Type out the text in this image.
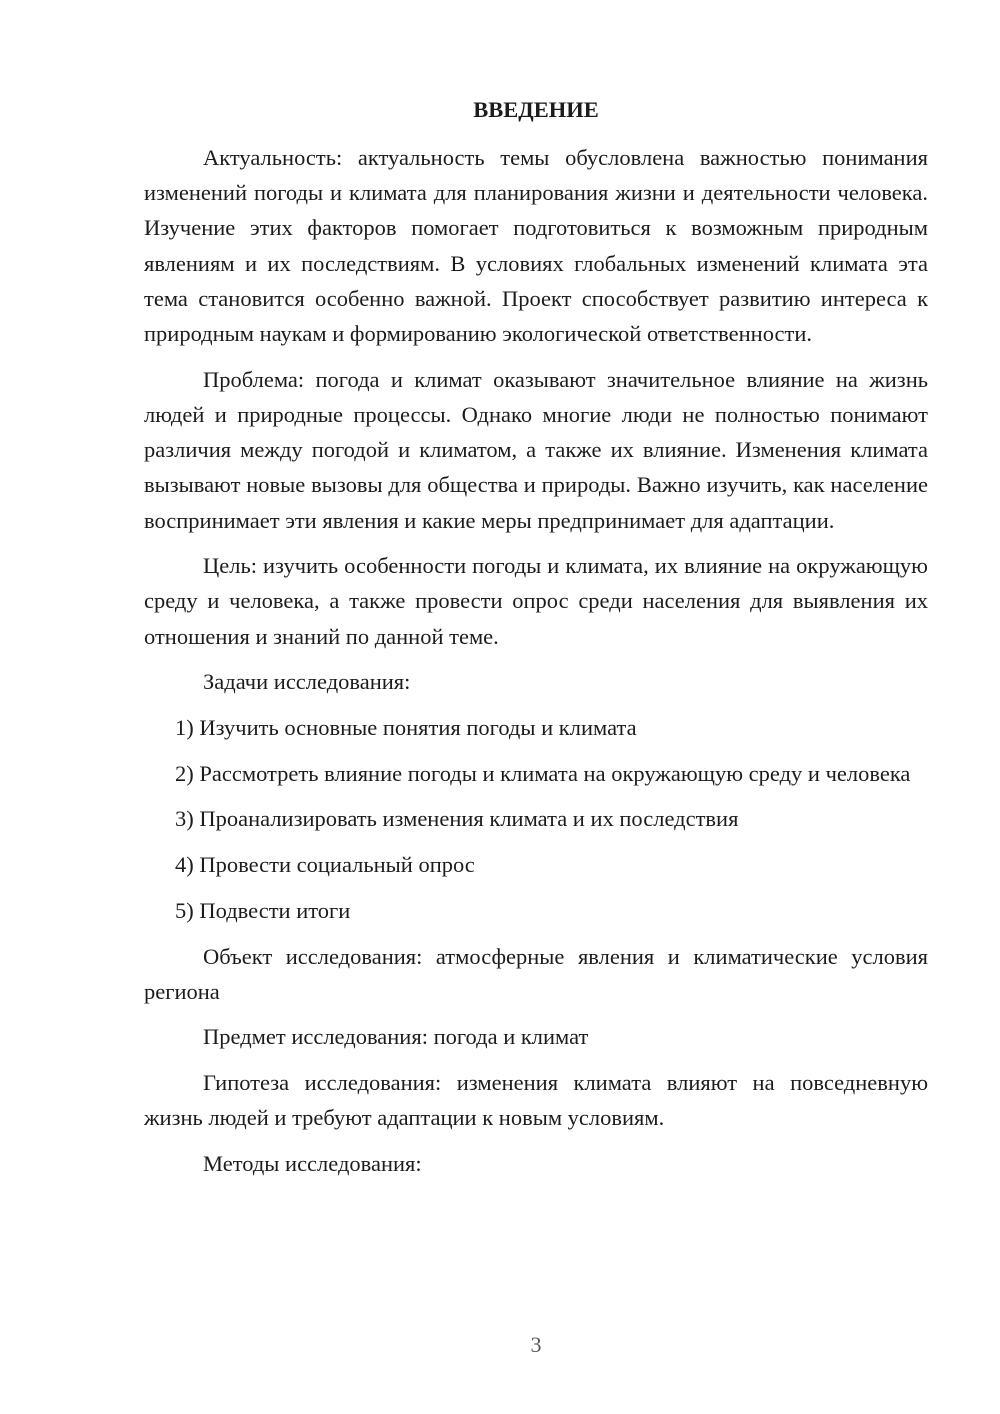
ВВЕДЕНИЕ

Актуальность: актуальность темы обусловлена важностью понимания изменений погоды и климата для планирования жизни и деятельности человека. Изучение этих факторов помогает подготовиться к возможным природным явлениям и их последствиям. В условиях глобальных изменений климата эта тема становится особенно важной. Проект способствует развитию интереса к природным наукам и формированию экологической ответственности.

Проблема: погода и климат оказывают значительное влияние на жизнь людей и природные процессы. Однако многие люди не полностью понимают различия между погодой и климатом, а также их влияние. Изменения климата вызывают новые вызовы для общества и природы. Важно изучить, как население воспринимает эти явления и какие меры предпринимает для адаптации.

Цель: изучить особенности погоды и климата, их влияние на окружающую среду и человека, а также провести опрос среди населения для выявления их отношения и знаний по данной теме.

Задачи исследования:

1) Изучить основные понятия погоды и климата

2) Рассмотреть влияние погоды и климата на окружающую среду и человека

3) Проанализировать изменения климата и их последствия

4) Провести социальный опрос

5) Подвести итоги

Объект исследования: атмосферные явления и климатические условия региона

Предмет исследования: погода и климат

Гипотеза исследования: изменения климата влияют на повседневную жизнь людей и требуют адаптации к новым условиям.

Методы исследования:

3
